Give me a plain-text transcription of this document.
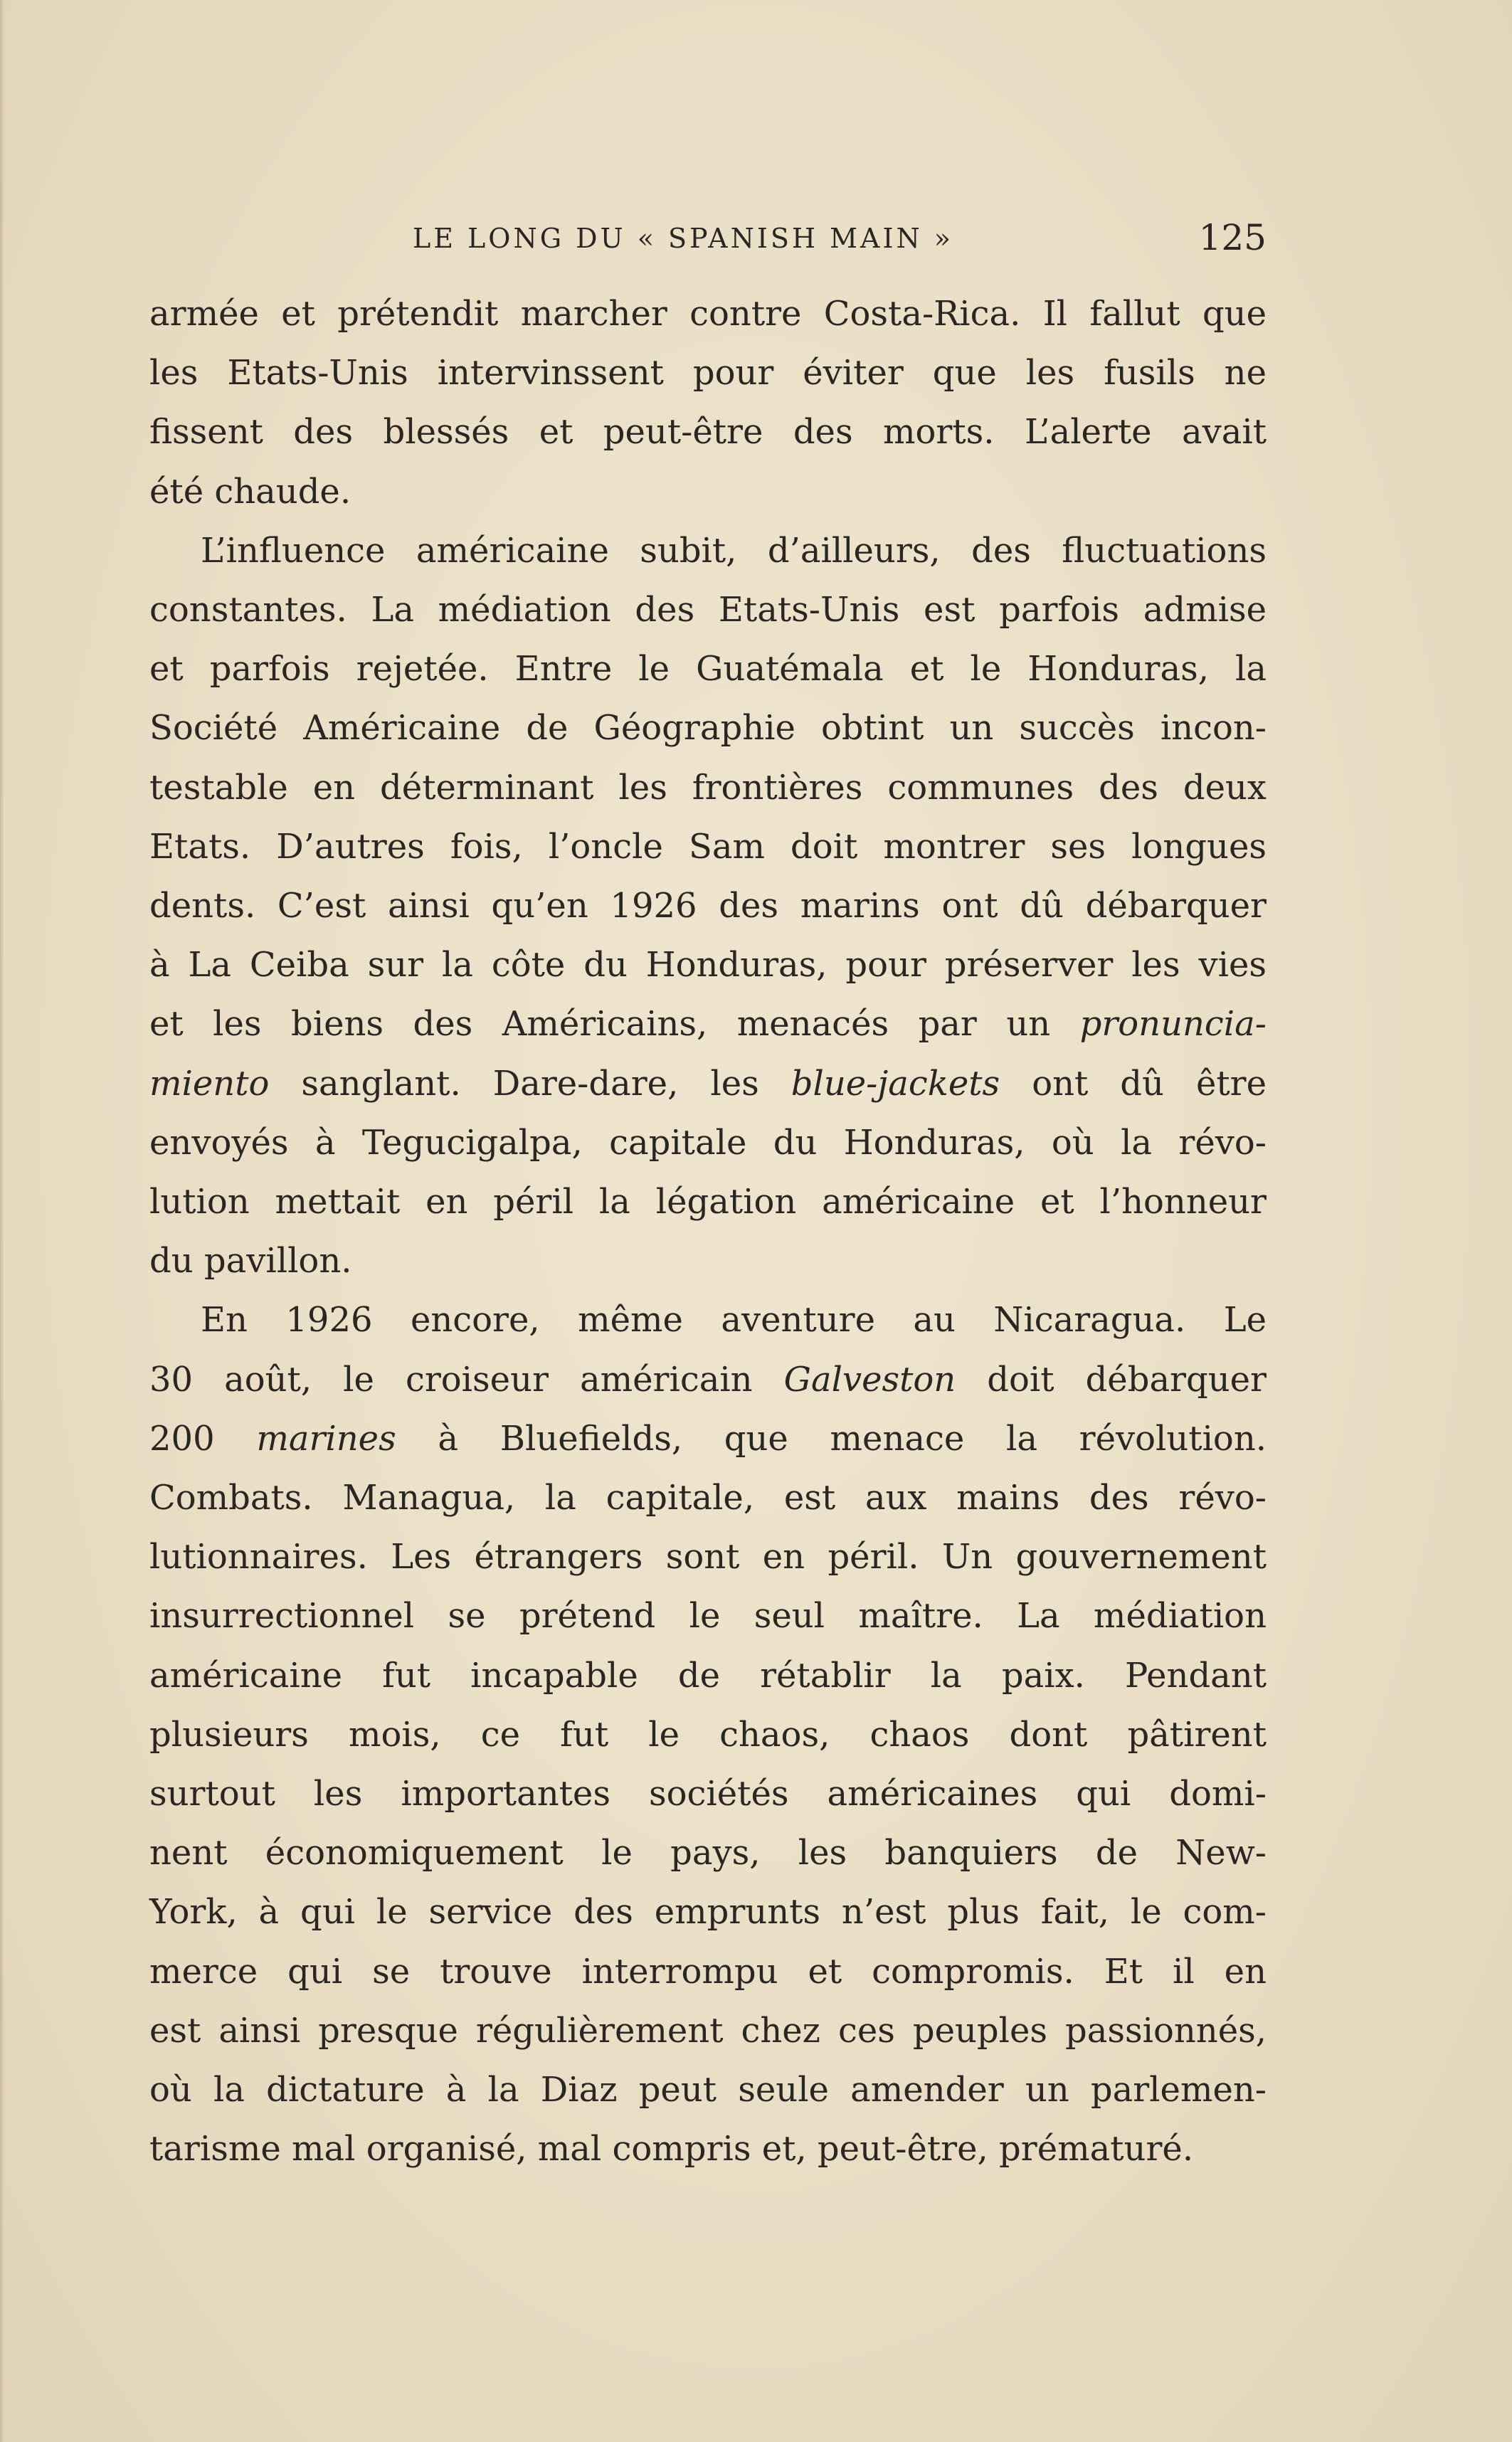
LE LONG DU « SPANISH MAIN »	125
armée et prétendit marcher contre Costa-Rica. Il fallut que
les Etats-Unis intervinssent pour éviter que les fusils ne
fissent des blessés et peut-être des morts. L’alerte avait
été chaude.
L’influence américaine subit, d’ailleurs, des fluctuations
constantes. La médiation des Etats-Unis est parfois admise
et parfois rejetée. Entre le Guatémala et le Honduras, la
Société Américaine de Géographie obtint un succès incon-
testable en déterminant les frontières communes des deux
Etats. D’autres fois, l’oncle Sam doit montrer ses longues
dents. C’est ainsi qu’en 1926 des marins ont dû débarquer
à La Ceiba sur la côte du Honduras, pour préserver les vies
et les biens des Américains, menacés par un pronuncia-
miento sanglant. Dare-dare, les blue-jackets ont dû être
envoyés à Tegucigalpa, capitale du Honduras, où la révo-
lution mettait en péril la légation américaine et l’honneur
du pavillon.
En 1926 encore, même aventure au Nicaragua. Le
30 août, le croiseur américain Galveston doit débarquer
200 marines à Bluefields, que menace la révolution.
Combats. Managua, la capitale, est aux mains des révo-
lutionnaires. Les étrangers sont en péril. Un gouvernement
insurrectionnel se prétend le seul maître. La médiation
américaine fut incapable de rétablir la paix. Pendant
plusieurs mois, ce fut le chaos, chaos dont pâtirent
surtout les importantes sociétés américaines qui domi-
nent économiquement le pays, les banquiers de New-
York, à qui le service des emprunts n’est plus fait, le com-
merce qui se trouve interrompu et compromis. Et il en
est ainsi presque régulièrement chez ces peuples passionnés,
où la dictature à la Diaz peut seule amender un parlemen-
tarisme mal organisé, mal compris et, peut-être, prématuré.
